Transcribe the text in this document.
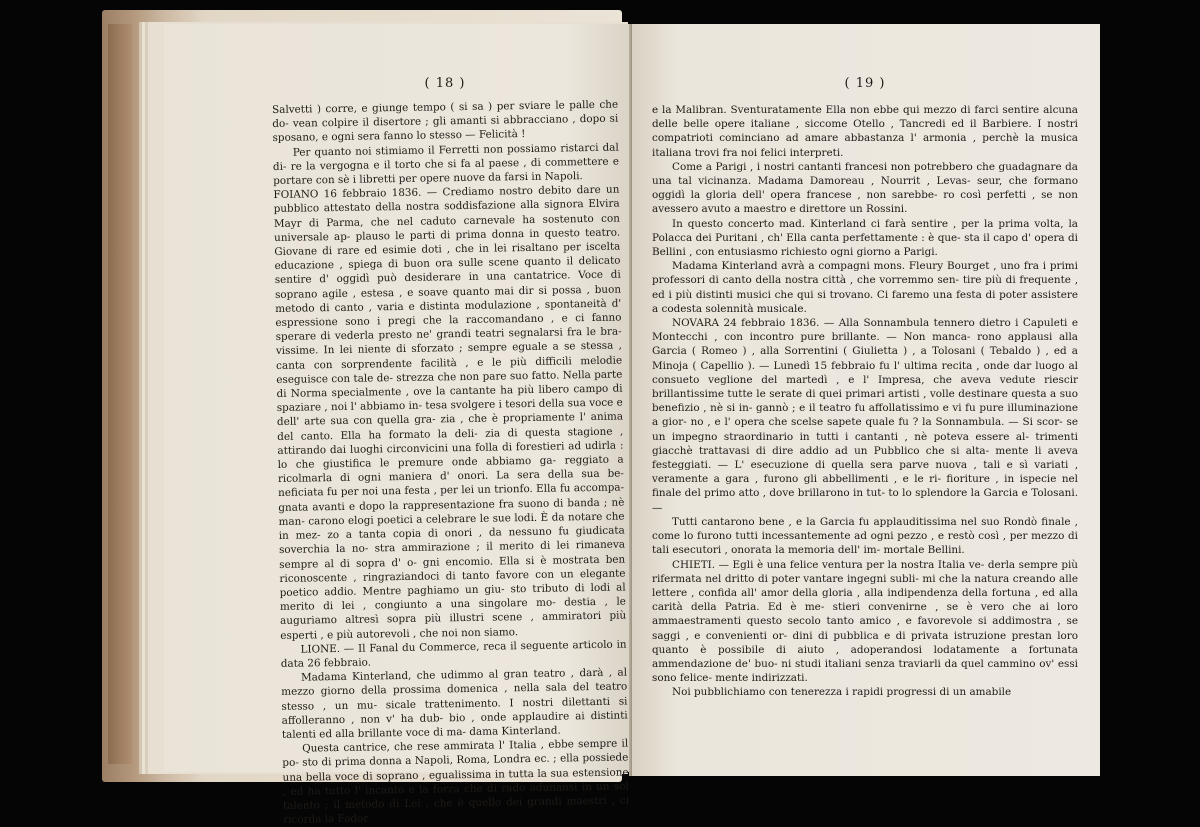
( 18 )

Salvetti ) corre, e giunge tempo ( si sa ) per sviare le palle che do- vean colpire il disertore ; gli amanti si abbracciano , dopo si sposano, e ogni sera fanno lo stesso — Felicità !

Per quanto noi stimiamo il Ferretti non possiamo ristarci dal di- re la vergogna e il torto che si fa al paese , di commettere e portare con sè i libretti per opere nuove da farsi in Napoli.

FOIANO 16 febbraio 1836. — Crediamo nostro debito dare un pubblico attestato della nostra soddisfazione alla signora Elvira Mayr di Parma, che nel caduto carnevale ha sostenuto con universale ap- plauso le parti di prima donna in questo teatro. Giovane di rare ed esimie doti , che in lei risaltano per iscelta educazione , spiega di buon ora sulle scene quanto il delicato sentire d' oggidì può desiderare in una cantatrice. Voce di soprano agile , estesa , e soave quanto mai dir si possa , buon metodo di canto , varia e distinta modulazione , spontaneità d' espressione sono i pregi che la raccomandano , e ci fanno sperare di vederla presto ne' grandi teatri segnalarsi fra le bra- vissime. In lei niente di sforzato ; sempre eguale a se stessa , canta con sorprendente facilità , e le più difficili melodie eseguisce con tale de- strezza che non pare suo fatto. Nella parte di Norma specialmente , ove la cantante ha più libero campo di spaziare , noi l' abbiamo in- tesa svolgere i tesori della sua voce e dell' arte sua con quella gra- zia , che è propriamente l' anima del canto. Ella ha formato la deli- zia di questa stagione , attirando dai luoghi circonvicini una folla di forestieri ad udirla : lo che giustifica le premure onde abbiamo ga- reggiato a ricolmarla di ogni maniera d' onori. La sera della sua be- neficiata fu per noi una festa , per lei un trionfo. Ella fu accompa- gnata avanti e dopo la rappresentazione fra suono di banda ; nè man- carono elogi poetici a celebrare le sue lodi. È da notare che in mez- zo a tanta copia di onori , da nessuno fu giudicata soverchia la no- stra ammirazione ; il merito di lei rimaneva sempre al di sopra d' o- gni encomio. Ella si è mostrata ben riconoscente , ringraziandoci di tanto favore con un elegante poetico addio. Mentre paghiamo un giu- sto tributo di lodi al merito di lei , congiunto a una singolare mo- destia , le auguriamo altresì sopra più illustri scene , ammiratori più esperti , e più autorevoli , che noi non siamo.

LIONE. — Il Fanal du Commerce, reca il seguente articolo in data 26 febbraio.

Madama Kinterland, che udimmo al gran teatro , darà , al mezzo giorno della prossima domenica , nella sala del teatro stesso , un mu- sicale trattenimento. I nostri dilettanti si affolleranno , non v' ha dub- bio , onde applaudire ai distinti talenti ed alla brillante voce di ma- dama Kinterland.

Questa cantrice, che rese ammirata l' Italia , ebbe sempre il po- sto di prima donna a Napoli, Roma, Londra ec. ; ella possiede una bella voce di soprano , egualissima in tutta la sua estensione , ed ha tutto l' incanto e la forza che di rado adunansi in un sol talento ; il metodo di Lei , che è quello dei grandi maestri , ci ricorda la Fodor

( 19 )

e la Malibran. Sventuratamente Ella non ebbe qui mezzo di farci sentire alcuna delle belle opere italiane , siccome Otello , Tancredi ed il Barbiere. I nostri compatrioti cominciano ad amare abbastanza l' armonia , perchè la musica italiana trovi fra noi felici interpreti.

Come a Parigi , i nostri cantanti francesi non potrebbero che guadagnare da una tal vicinanza. Madama Damoreau , Nourrit , Levas- seur, che formano oggidì la gloria dell' opera francese , non sarebbe- ro così perfetti , se non avessero avuto a maestro e direttore un Rossini.

In questo concerto mad. Kinterland ci farà sentire , per la prima volta, la Polacca dei Puritani , ch' Ella canta perfettamente : è que- sta il capo d' opera di Bellini , con entusiasmo richiesto ogni giorno a Parigi.

Madama Kinterland avrà a compagni mons. Fleury Bourget , uno fra i primi professori di canto della nostra città , che vorremmo sen- tire più di frequente , ed i più distinti musici che qui si trovano. Ci faremo una festa di poter assistere a codesta solennità musicale.

NOVARA 24 febbraio 1836. — Alla Sonnambula tennero dietro i Capuleti e Montecchi , con incontro pure brillante. — Non manca- rono applausi alla Garcia ( Romeo ) , alla Sorrentini ( Giulietta ) , a Tolosani ( Tebaldo ) , ed a Minoja ( Capellio ). — Lunedì 15 febbraio fu l' ultima recita , onde dar luogo al consueto veglione del martedì , e l' Impresa, che aveva vedute riescir brillantissime tutte le serate di quei primari artisti , volle destinare questa a suo benefizio , nè si in- gannò ; e il teatro fu affollatissimo e vi fu pure illuminazione a gior- no , e l' opera che scelse sapete quale fu ? la Sonnambula. — Si scor- se un impegno straordinario in tutti i cantanti , nè poteva essere al- trimenti giacchè trattavasi di dire addio ad un Pubblico che si alta- mente li aveva festeggiati. — L' esecuzione di quella sera parve nuova , tali e sì variati , veramente a gara , furono gli abbellimenti , e le ri- fioriture , in ispecie nel finale del primo atto , dove brillarono in tut- to lo splendore la Garcia e Tolosani. —

Tutti cantarono bene , e la Garcia fu applauditissima nel suo Rondò finale , come lo furono tutti incessantemente ad ogni pezzo , e restò così , per mezzo di tali esecutori , onorata la memoria dell' im- mortale Bellini.

CHIETI. — Egli è una felice ventura per la nostra Italia ve- derla sempre più rifermata nel dritto di poter vantare ingegni subli- mi che la natura creando alle lettere , confida all' amor della gloria , alla indipendenza della fortuna , ed alla carità della Patria. Ed è me- stieri convenirne , se è vero che ai loro ammaestramenti questo secolo tanto amico , e favorevole si addimostra , se saggi , e convenienti or- dini di pubblica e di privata istruzione prestan loro quanto è possibile di aiuto , adoperandosi lodatamente a fortunata ammendazione de' buo- ni studi italiani senza traviarli da quel cammino ov' essi sono felice- mente indirizzati.

Noi pubblichiamo con tenerezza i rapidi progressi di un amabile
